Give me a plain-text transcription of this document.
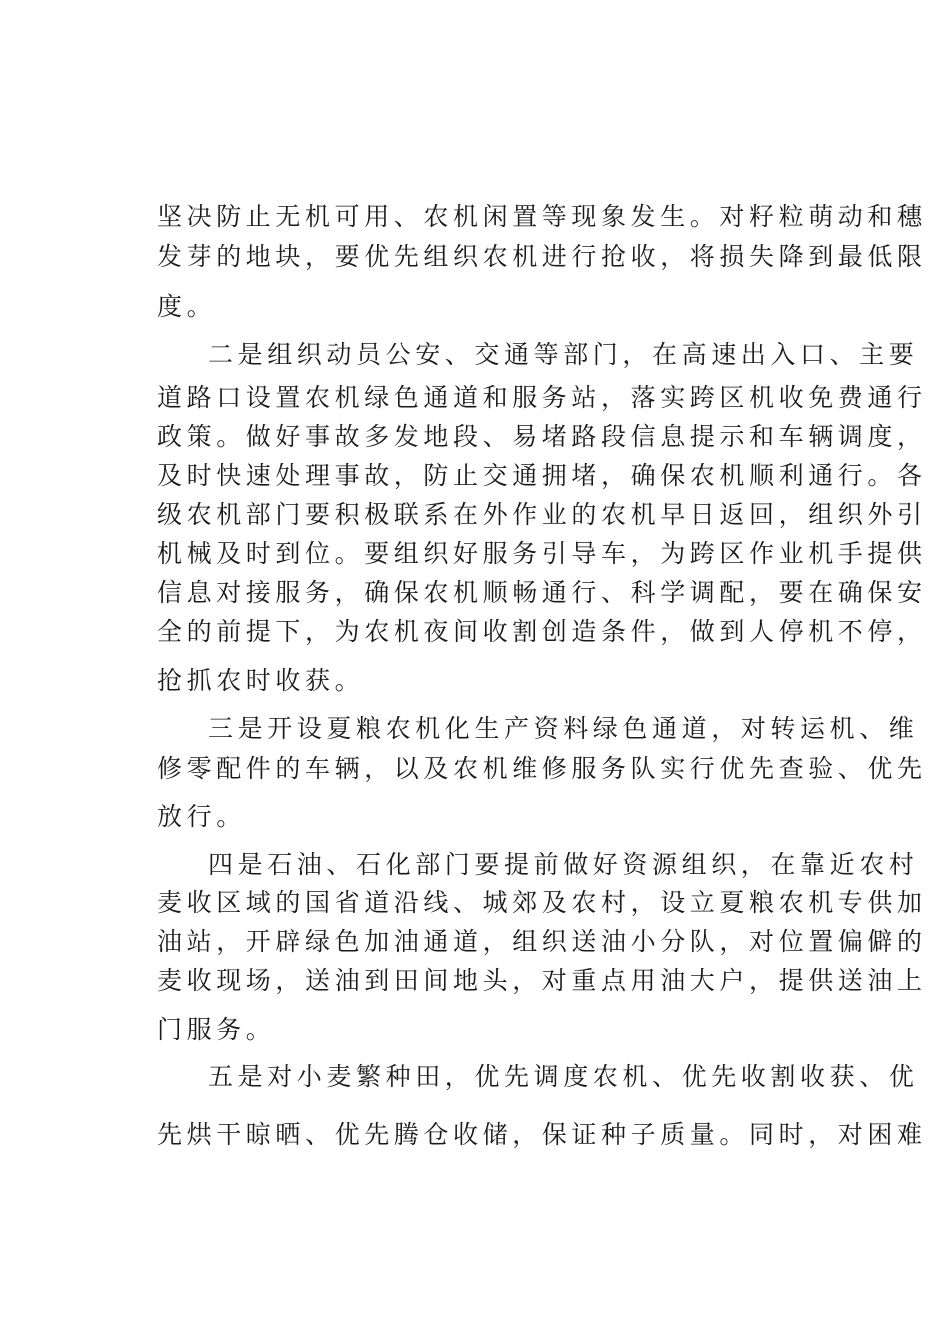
坚决防止无机可用、农机闲置等现象发生。对籽粒萌动和穗

发芽的地块，要优先组织农机进行抢收，将损失降到最低限

度。

二是组织动员公安、交通等部门，在高速出入口、主要

道路口设置农机绿色通道和服务站，落实跨区机收免费通行

政策。做好事故多发地段、易堵路段信息提示和车辆调度，

及时快速处理事故，防止交通拥堵，确保农机顺利通行。各

级农机部门要积极联系在外作业的农机早日返回，组织外引

机械及时到位。要组织好服务引导车，为跨区作业机手提供

信息对接服务，确保农机顺畅通行、科学调配，要在确保安

全的前提下，为农机夜间收割创造条件，做到人停机不停，

抢抓农时收获。

三是开设夏粮农机化生产资料绿色通道，对转运机、维

修零配件的车辆，以及农机维修服务队实行优先查验、优先

放行。

四是石油、石化部门要提前做好资源组织，在靠近农村

麦收区域的国省道沿线、城郊及农村，设立夏粮农机专供加

油站，开辟绿色加油通道，组织送油小分队，对位置偏僻的

麦收现场，送油到田间地头，对重点用油大户，提供送油上

门服务。

五是对小麦繁种田，优先调度农机、优先收割收获、优

先烘干晾晒、优先腾仓收储，保证种子质量。同时，对困难
